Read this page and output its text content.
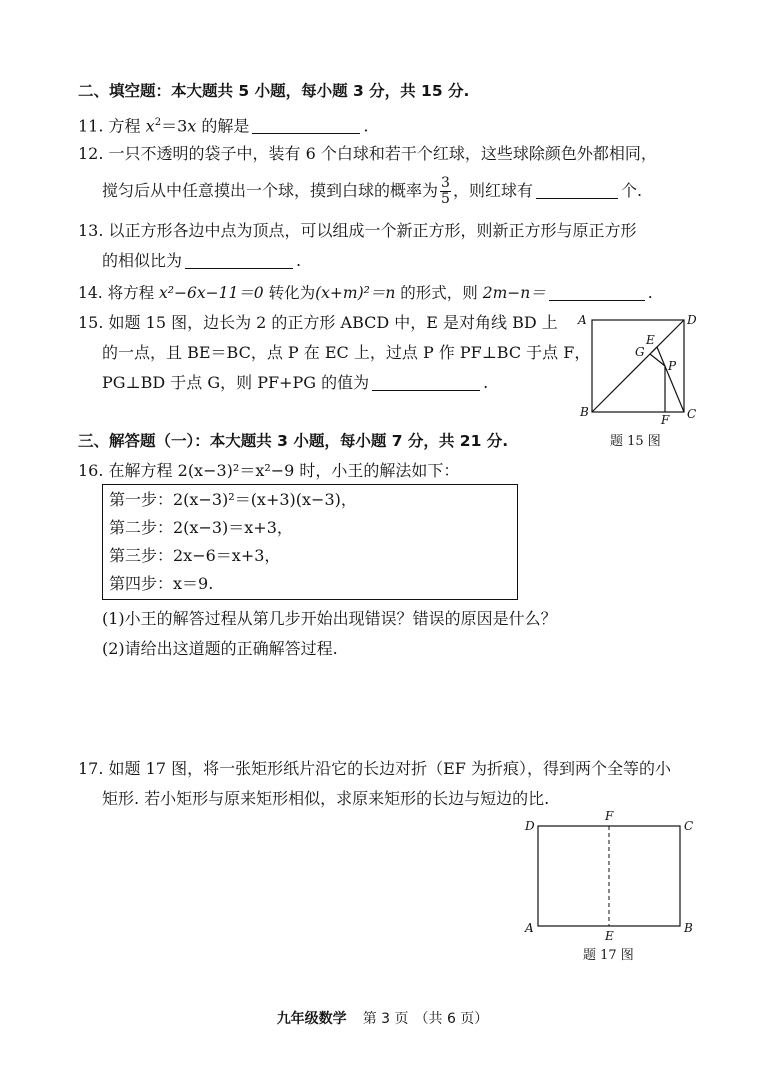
二、填空题：本大题共 5 小题，每小题 3 分，共 15 分.
11. 方程 $x^2=3x$ 的解是	.
12. 一只不透明的袋子中，装有 6 个白球和若干个红球，这些球除颜色外都相同，
搅匀后从中任意摸出一个球，摸到白球的概率为 $\frac{3}{5}$ ，则红球有	个.
13. 以正方形各边中点为顶点，可以组成一个新正方形，则新正方形与原正方形
的相似比为	.
14. 将方程 x²−6x−11＝0 转化为(x+m)²＝n 的形式，则 2m−n＝	.
15. 如题 15 图，边长为 2 的正方形 ABCD 中，E 是对角线 BD 上
的一点，且 BE＝BC，点 P 在 EC 上，过点 P 作 PF⊥BC 于点 F，
PG⊥BD 于点 G，则 PF+PG 的值为	.
A
B	C
D
E
F
G
P
题 15 图
三、解答题（一）：本大题共 3 小题，每小题 7 分，共 21 分.
16. 在解方程 2(x−3)²＝x²−9 时，小王的解法如下：
第一步：2(x−3)²＝(x+3)(x−3)，
第二步：2(x−3)＝x+3，
第三步：2x−6＝x+3，
第四步：x＝9.
(1)小王的解答过程从第几步开始出现错误？错误的原因是什么？
(2)请给出这道题的正确解答过程.
17. 如题 17 图，将一张矩形纸片沿它的长边对折（EF 为折痕），得到两个全等的小
矩形. 若小矩形与原来矩形相似，求原来矩形的长边与短边的比.
D	C
A	B
F
E
题 17 图
九年级数学 第 3 页 （共 6 页）
